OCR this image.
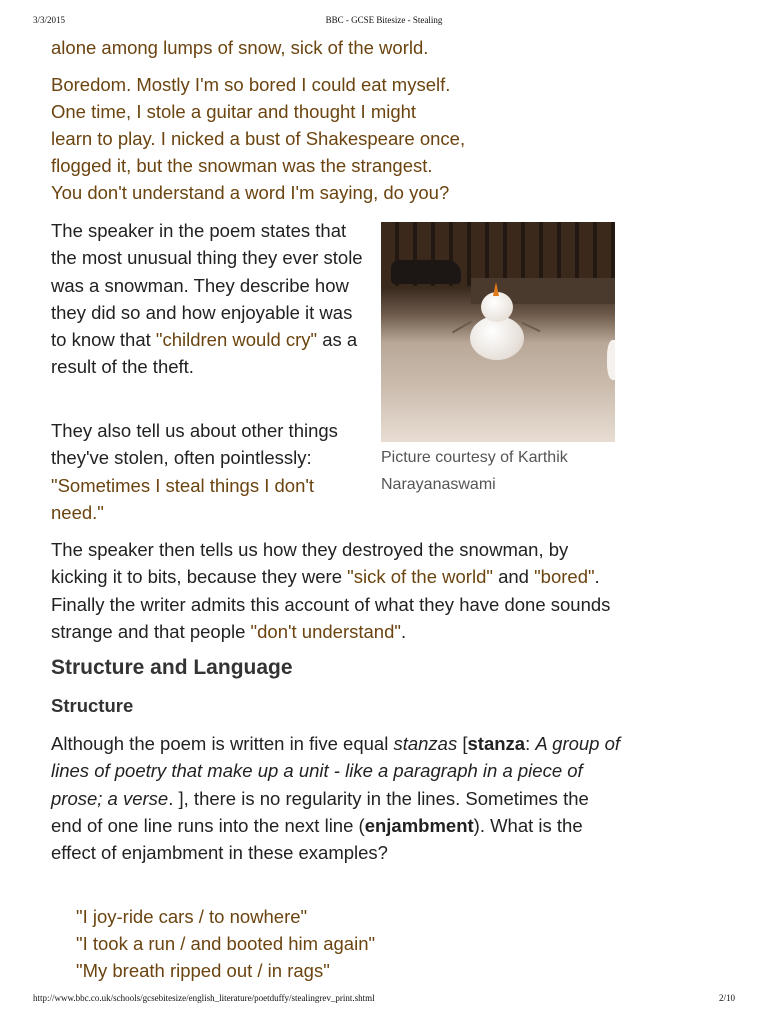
3/3/2015	BBC - GCSE Bitesize - Stealing
alone among lumps of snow, sick of the world.
Boredom. Mostly I'm so bored I could eat myself.
One time, I stole a guitar and thought I might
learn to play. I nicked a bust of Shakespeare once,
flogged it, but the snowman was the strangest.
You don't understand a word I'm saying, do you?

The speaker in the poem states that the most unusual thing they ever stole was a snowman. They describe how they did so and how enjoyable it was to know that "children would cry" as a result of the theft.

They also tell us about other things they've stolen, often pointlessly: "Sometimes I steal things I don't need."

Picture courtesy of Karthik Narayanaswami

The speaker then tells us how they destroyed the snowman, by kicking it to bits, because they were "sick of the world" and "bored". Finally the writer admits this account of what they have done sounds strange and that people "don't understand".

Structure and Language
Structure

Although the poem is written in five equal stanzas [stanza: A group of lines of poetry that make up a unit - like a paragraph in a piece of prose; a verse. ], there is no regularity in the lines. Sometimes the end of one line runs into the next line (enjambment). What is the effect of enjambment in these examples?

"I joy-ride cars / to nowhere"
"I took a run / and booted him again"
"My breath ripped out / in rags"
http://www.bbc.co.uk/schools/gcsebitesize/english_literature/poetduffy/stealingrev_print.shtml	2/10
